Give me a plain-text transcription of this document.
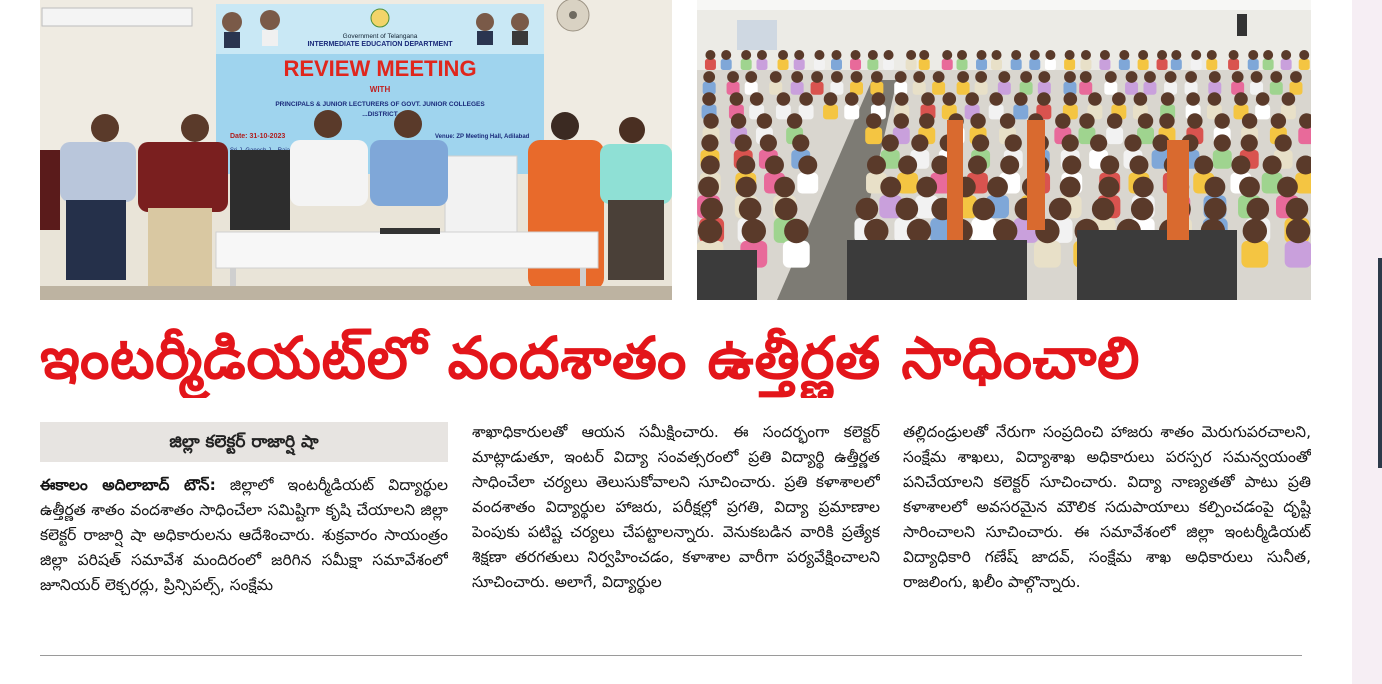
Government of Telangana
INTERMEDIATE EDUCATION DEPARTMENT
REVIEW MEETING
WITH
PRINCIPALS & JUNIOR LECTURERS OF GOVT. JUNIOR COLLEGES
...DISTRICT
Date: 31-10-2023	Venue: ZP Meeting Hall, Adilabad
ఇంటర్మీడియట్‌లో వందశాతం ఉత్తీర్ణత సాధించాలి
జిల్లా కలెక్టర్ రాజార్షి షా
ఈకాలం అదిలాబాద్ టౌన్: జిల్లాలో ఇంటర్మీడియట్ విద్యార్థుల ఉత్తీర్ణత శాతం వందశాతం సాధించేలా సమిష్టిగా కృషి చేయాలని జిల్లా కలెక్టర్ రాజార్షి షా అధికారులను ఆదేశించారు. శుక్రవారం సాయంత్రం జిల్లా పరిషత్ సమావేశ మందిరంలో జరిగిన సమీక్షా సమావేశంలో జూనియర్ లెక్చరర్లు, ప్రిన్సిపల్స్, సంక్షేమ
శాఖాధికారులతో ఆయన సమీక్షించారు. ఈ సందర్భంగా కలెక్టర్ మాట్లాడుతూ, ఇంటర్ విద్యా సంవత్సరంలో ప్రతి విద్యార్థి ఉత్తీర్ణత సాధించేలా చర్యలు తెలుసుకోవాలని సూచించారు. ప్రతి కళాశాలలో వందశాతం విద్యార్థుల హాజరు, పరీక్షల్లో ప్రగతి, విద్యా ప్రమాణాల పెంపుకు పటిష్ట చర్యలు చేపట్టాలన్నారు. వెనుకబడిన వారికి ప్రత్యేక శిక్షణా తరగతులు నిర్వహించడం, కళాశాల వారీగా పర్యవేక్షించాలని సూచించారు. అలాగే, విద్యార్థుల
తల్లిదండ్రులతో నేరుగా సంప్రదించి హాజరు శాతం మెరుగుపరచాలని, సంక్షేమ శాఖలు, విద్యాశాఖ అధికారులు పరస్పర సమన్వయంతో పనిచేయాలని కలెక్టర్ సూచించారు. విద్యా నాణ్యతతో పాటు ప్రతి కళాశాలలో అవసరమైన మౌలిక సదుపాయాలు కల్పించడంపై దృష్టి సారించాలని సూచించారు. ఈ సమావేశంలో జిల్లా ఇంటర్మీడియట్ విద్యాధికారి గణేష్ జాదవ్, సంక్షేమ శాఖ అధికారులు సునీత, రాజలింగు, ఖలీం పాల్గొన్నారు.
